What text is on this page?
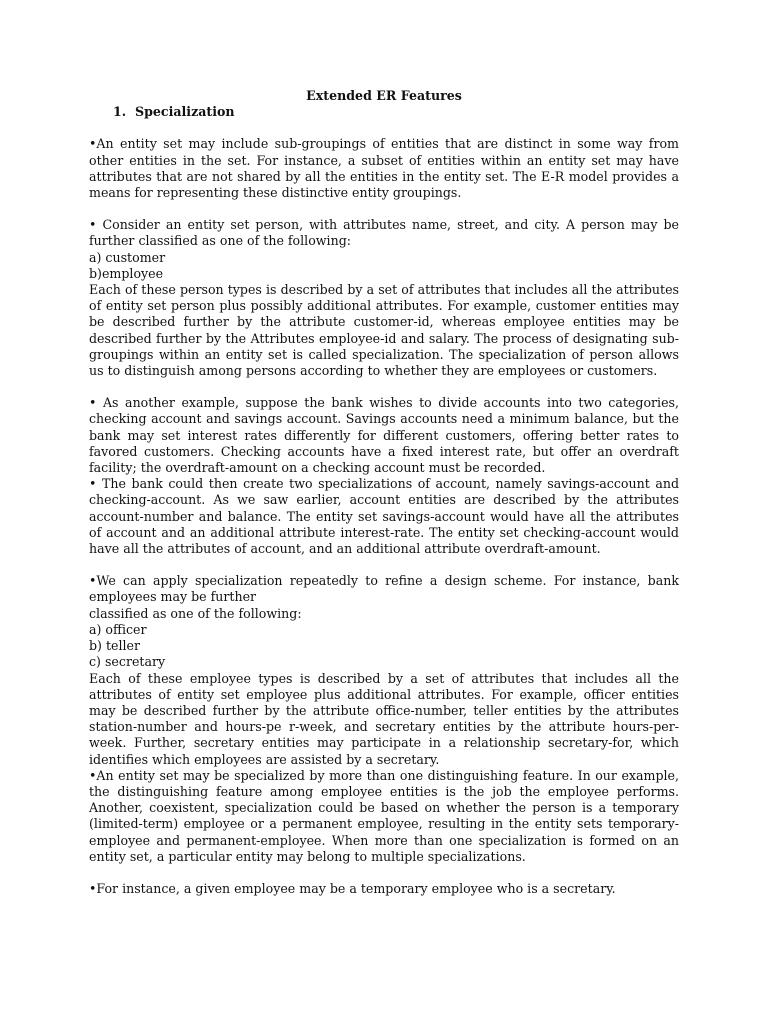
Extended ER Features
1. Specialization

•An entity set may include sub-groupings of entities that are distinct in some way from other entities in the set. For instance, a subset of entities within an entity set may have attributes that are not shared by all the entities in the entity set. The E-R model provides a means for representing these distinctive entity groupings.

• Consider an entity set person, with attributes name, street, and city. A person may be further classified as one of the following:

a) customer
b)employee

Each of these person types is described by a set of attributes that includes all the attributes of entity set person plus possibly additional attributes. For example, customer entities may be described further by the attribute customer-id, whereas employee entities may be described further by the Attributes employee-id and salary. The process of designating sub-groupings within an entity set is called specialization. The specialization of person allows us to distinguish among persons according to whether they are employees or customers.

• As another example, suppose the bank wishes to divide accounts into two categories, checking account and savings account. Savings accounts need a minimum balance, but the bank may set interest rates differently for different customers, offering better rates to favored customers. Checking accounts have a fixed interest rate, but offer an overdraft facility; the overdraft-amount on a checking account must be recorded.

• The bank could then create two specializations of account, namely savings-account and checking-account. As we saw earlier, account entities are described by the attributes account-number and balance. The entity set savings-account would have all the attributes of account and an additional attribute interest-rate. The entity set checking-account would have all the attributes of account, and an additional attribute overdraft-amount.

•We can apply specialization repeatedly to refine a design scheme. For instance, bank employees may be further

classified as one of the following:
a) officer
b) teller
c) secretary

Each of these employee types is described by a set of attributes that includes all the attributes of entity set employee plus additional attributes. For example, officer entities may be described further by the attribute office-number, teller entities by the attributes station-number and hours-pe r-week, and secretary entities by the attribute hours-per-week. Further, secretary entities may participate in a relationship secretary-for, which identifies which employees are assisted by a secretary.

•An entity set may be specialized by more than one distinguishing feature. In our example, the distinguishing feature among employee entities is the job the employee performs. Another, coexistent, specialization could be based on whether the person is a temporary (limited-term) employee or a permanent employee, resulting in the entity sets temporary-employee and permanent-employee. When more than one specialization is formed on an entity set, a particular entity may belong to multiple specializations.

•For instance, a given employee may be a temporary employee who is a secretary.
